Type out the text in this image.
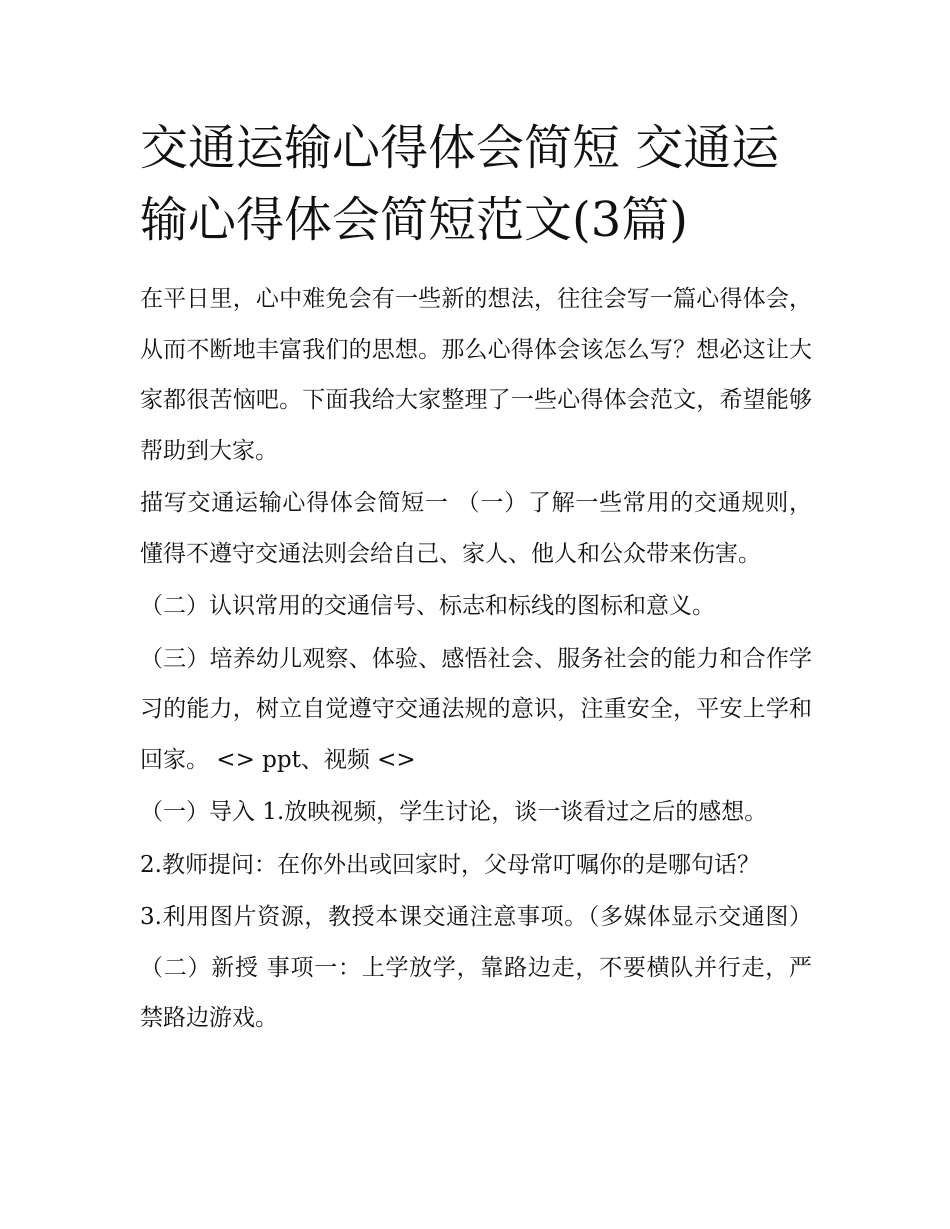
交通运输心得体会简短 交通运输心得体会简短范文(3篇)

在平日里，心中难免会有一些新的想法，往往会写一篇心得体会，从而不断地丰富我们的思想。那么心得体会该怎么写？想必这让大家都很苦恼吧。下面我给大家整理了一些心得体会范文，希望能够帮助到大家。

描写交通运输心得体会简短一 （一）了解一些常用的交通规则，懂得不遵守交通法则会给自己、家人、他人和公众带来伤害。

（二）认识常用的交通信号、标志和标线的图标和意义。

（三）培养幼儿观察、体验、感悟社会、服务社会的能力和合作学习的能力，树立自觉遵守交通法规的意识，注重安全，平安上学和回家。 <> ppt、视频 <>

（一）导入 1.放映视频，学生讨论，谈一谈看过之后的感想。

2.教师提问：在你外出或回家时，父母常叮嘱你的是哪句话？

3.利用图片资源，教授本课交通注意事项。（多媒体显示交通图） （二）新授 事项一：上学放学，靠路边走，不要横队并行走，严禁路边游戏。
